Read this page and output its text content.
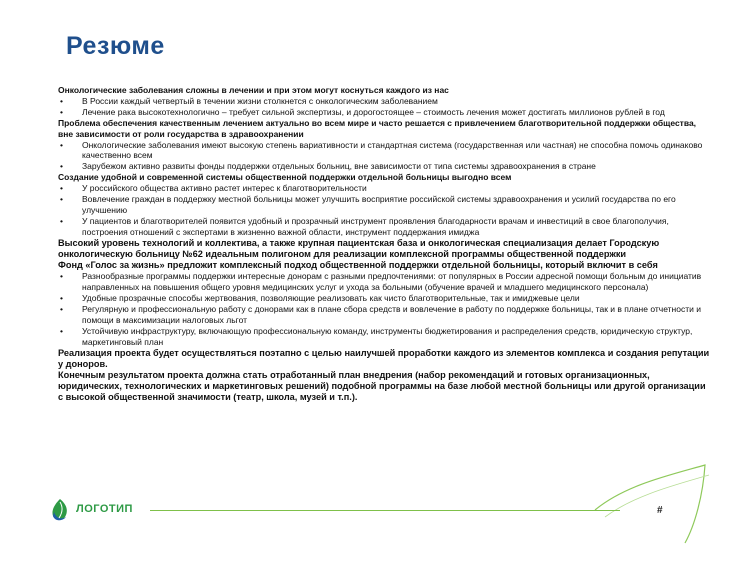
Резюме
Онкологические заболевания сложны в лечении и при этом могут коснуться каждого из нас
• В России каждый четвертый в течении жизни столкнется с онкологическим заболеванием
• Лечение рака высокотехнологично – требует сильной экспертизы, и дорогостоящее – стоимость лечения может достигать миллионов рублей в год
Проблема обеспечения качественным лечением актуально во всем мире и часто решается с привлечением благотворительной поддержки общества, вне зависимости от роли государства в здравоохранении
• Онкологические заболевания имеют высокую степень вариативности и стандартная система (государственная или частная) не способна помочь одинаково качественно всем
• Зарубежом активно развиты фонды поддержки отдельных больниц, вне зависимости от типа системы здравоохранения в стране
Создание удобной и современной системы общественной поддержки отдельной больницы выгодно всем
• У российского общества активно растет интерес к благотворительности
• Вовлечение граждан в поддержку местной больницы может улучшить восприятие российской системы здравоохранения и усилий государства по его улучшению
• У пациентов и благотворителей появится удобный и прозрачный инструмент проявления благодарности врачам и инвестиций в свое благополучия, построения отношений с экспертами в жизненно важной области, инструмент поддержания имиджа
Высокий уровень технологий и коллектива, а также крупная пациентская база и онкологическая специализация делает Городскую онкологическую больницу №62 идеальным полигоном для реализации комплексной программы общественной поддержки
Фонд «Голос за жизнь» предложит комплексный подход общественной поддержки отдельной больницы, который включит в себя
• Разнообразные программы поддержки интересные донорам с разными предпочтениями: от популярных в России адресной помощи больным до инициатив направленных на повышения общего уровня медицинских услуг и ухода за больными (обучение врачей и младшего медицинского персонала)
• Удобные прозрачные способы жертвования, позволяющие реализовать как чисто благотворительные, так и имиджевые цели
• Регулярную и профессиональную работу с донорами как в плане сбора средств и вовлечение в работу по поддержке больницы, так и в плане отчетности и помощи в максимизации налоговых льгот
• Устойчивую инфраструктуру, включающую профессиональную команду, инструменты бюджетирования и распределения средств, юридическую структур, маркетинговый план
Реализация проекта будет осуществляться поэтапно с целью наилучшей проработки каждого из элементов комплекса и создания репутации у доноров.
Конечным результатом проекта должна стать отработанный план внедрения (набор рекомендаций и готовых организационных, юридических, технологических и маркетинговых решений) подобной программы на базе любой местной больницы или другой организации с высокой общественной значимости (театр, школа, музей и т.п.).
ЛОГОТИП	#
